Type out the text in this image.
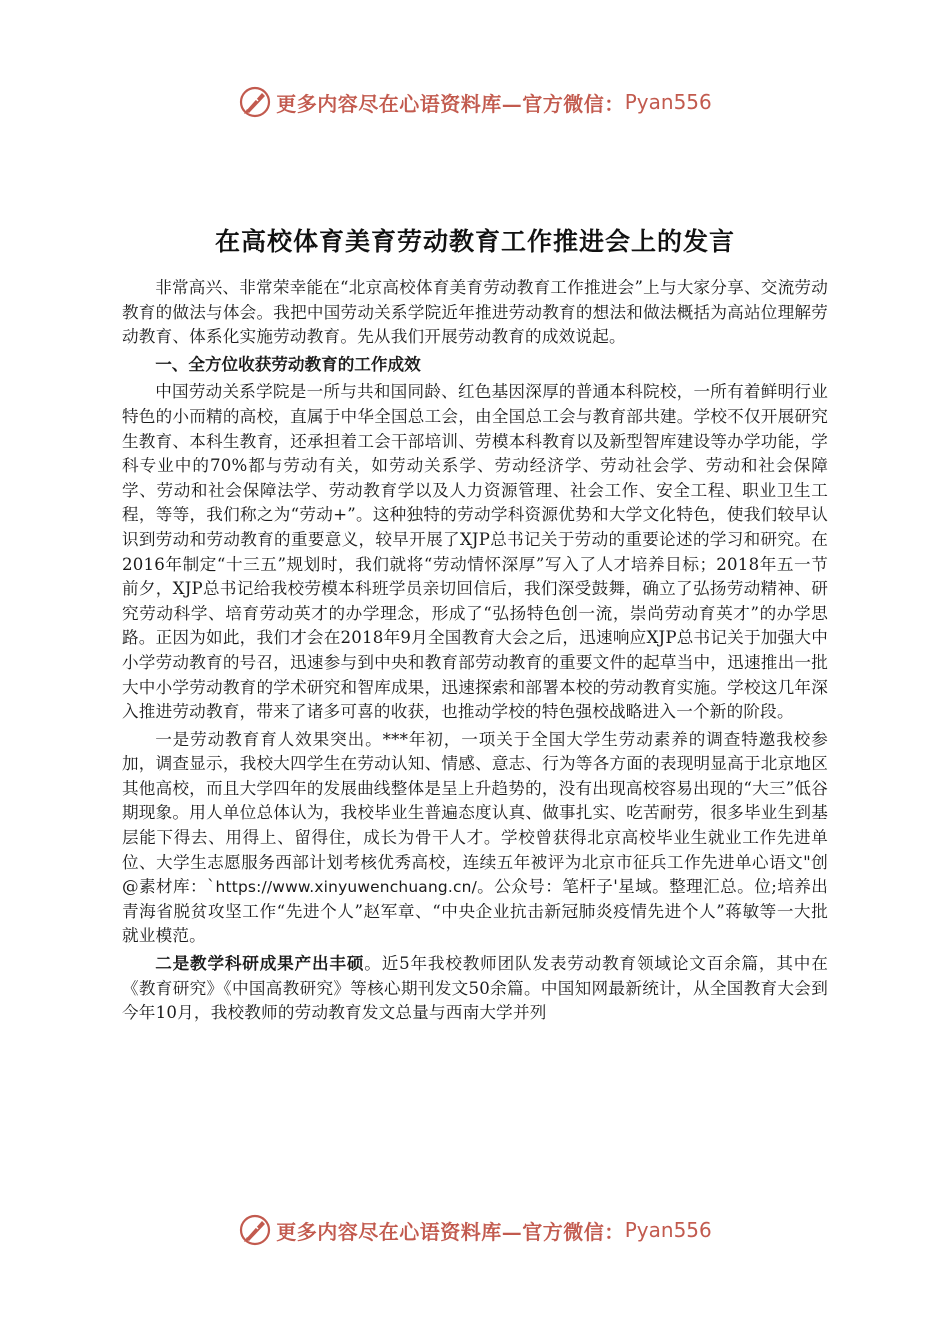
更多内容尽在心语资料库—官方微信： Pyan556
在高校体育美育劳动教育工作推进会上的发言

非常高兴、非常荣幸能在“北京高校体育美育劳动教育工作推进会”上与大家分享、交流劳动教育的做法与体会。我把中国劳动关系学院近年推进劳动教育的想法和做法概括为高站位理解劳动教育、体系化实施劳动教育。先从我们开展劳动教育的成效说起。

一、全方位收获劳动教育的工作成效

中国劳动关系学院是一所与共和国同龄、红色基因深厚的普通本科院校，一所有着鲜明行业特色的小而精的高校，直属于中华全国总工会，由全国总工会与教育部共建。学校不仅开展研究生教育、本科生教育，还承担着工会干部培训、劳模本科教育以及新型智库建设等办学功能，学科专业中的70%都与劳动有关，如劳动关系学、劳动经济学、劳动社会学、劳动和社会保障学、劳动和社会保障法学、劳动教育学以及人力资源管理、社会工作、安全工程、职业卫生工程，等等，我们称之为“劳动+”。这种独特的劳动学科资源优势和大学文化特色，使我们较早认识到劳动和劳动教育的重要意义，较早开展了XJP总书记关于劳动的重要论述的学习和研究。在2016年制定“十三五”规划时，我们就将“劳动情怀深厚”写入了人才培养目标；2018年五一节前夕，XJP总书记给我校劳模本科班学员亲切回信后，我们深受鼓舞，确立了弘扬劳动精神、研究劳动科学、培育劳动英才的办学理念，形成了“弘扬特色创一流，崇尚劳动育英才”的办学思路。正因为如此，我们才会在2018年9月全国教育大会之后，迅速响应XJP总书记关于加强大中小学劳动教育的号召，迅速参与到中央和教育部劳动教育的重要文件的起草当中，迅速推出一批大中小学劳动教育的学术研究和智库成果，迅速探索和部署本校的劳动教育实施。学校这几年深入推进劳动教育，带来了诸多可喜的收获，也推动学校的特色强校战略进入一个新的阶段。

一是劳动教育育人效果突出。***年初，一项关于全国大学生劳动素养的调查特邀我校参加，调查显示，我校大四学生在劳动认知、情感、意志、行为等各方面的表现明显高于北京地区其他高校，而且大学四年的发展曲线整体是呈上升趋势的，没有出现高校容易出现的“大三”低谷期现象。用人单位总体认为，我校毕业生普遍态度认真、做事扎实、吃苦耐劳，很多毕业生到基层能下得去、用得上、留得住，成长为骨干人才。学校曾获得北京高校毕业生就业工作先进单位、大学生志愿服务西部计划考核优秀高校，连续五年被评为北京市征兵工作先进单心语文"创@素材库：`https://www.xinyuwenchuang.cn/。公众号：笔杆子'星域。整理汇总。位;培养出青海省脱贫攻坚工作“先进个人”赵军章、“中央企业抗击新冠肺炎疫情先进个人”蒋敏等一大批就业模范。

二是教学科研成果产出丰硕。近5年我校教师团队发表劳动教育领域论文百余篇，其中在《教育研究》《中国高教研究》等核心期刊发文50余篇。中国知网最新统计，从全国教育大会到今年10月，我校教师的劳动教育发文总量与西南大学并列

更多内容尽在心语资料库—官方微信： Pyan556
